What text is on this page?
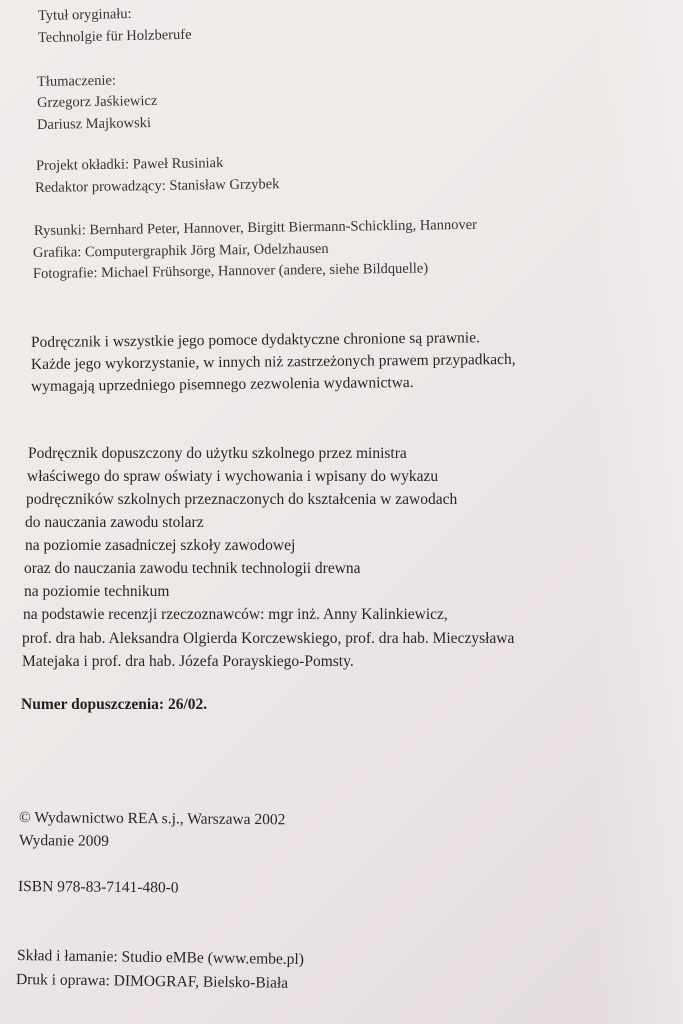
​
Tytuł oryginału:
Technolgie für Holzberufe
Tłumaczenie:
Grzegorz Jaśkiewicz
Dariusz Majkowski
Projekt okładki: Paweł Rusiniak
Redaktor prowadzący: Stanisław Grzybek
Rysunki: Bernhard Peter, Hannover, Birgitt Biermann-Schickling, Hannover
Grafika: Computergraphik Jörg Mair, Odelzhausen
Fotografie: Michael Frühsorge, Hannover (andere, siehe Bildquelle)
Podręcznik i wszystkie jego pomoce dydaktyczne chronione są prawnie.
Każde jego wykorzystanie, w innych niż zastrzeżonych prawem przypadkach,
wymagają uprzedniego pisemnego zezwolenia wydawnictwa.
Podręcznik dopuszczony do użytku szkolnego przez ministra
właściwego do spraw oświaty i wychowania i wpisany do wykazu
podręczników szkolnych przeznaczonych do kształcenia w zawodach
do nauczania zawodu stolarz
na poziomie zasadniczej szkoły zawodowej
oraz do nauczania zawodu technik technologii drewna
na poziomie technikum
na podstawie recenzji rzeczoznawców: mgr inż. Anny Kalinkiewicz,
prof. dra hab. Aleksandra Olgierda Korczewskiego, prof. dra hab. Mieczysława
Matejaka i prof. dra hab. Józefa Porayskiego-Pomsty.
Numer dopuszczenia: 26/02.
© Wydawnictwo REA s.j., Warszawa 2002
Wydanie 2009
ISBN 978-83-7141-480-0
Skład i łamanie: Studio eMBe (www.embe.pl)
Druk i oprawa: DIMOGRAF, Bielsko-Biała
